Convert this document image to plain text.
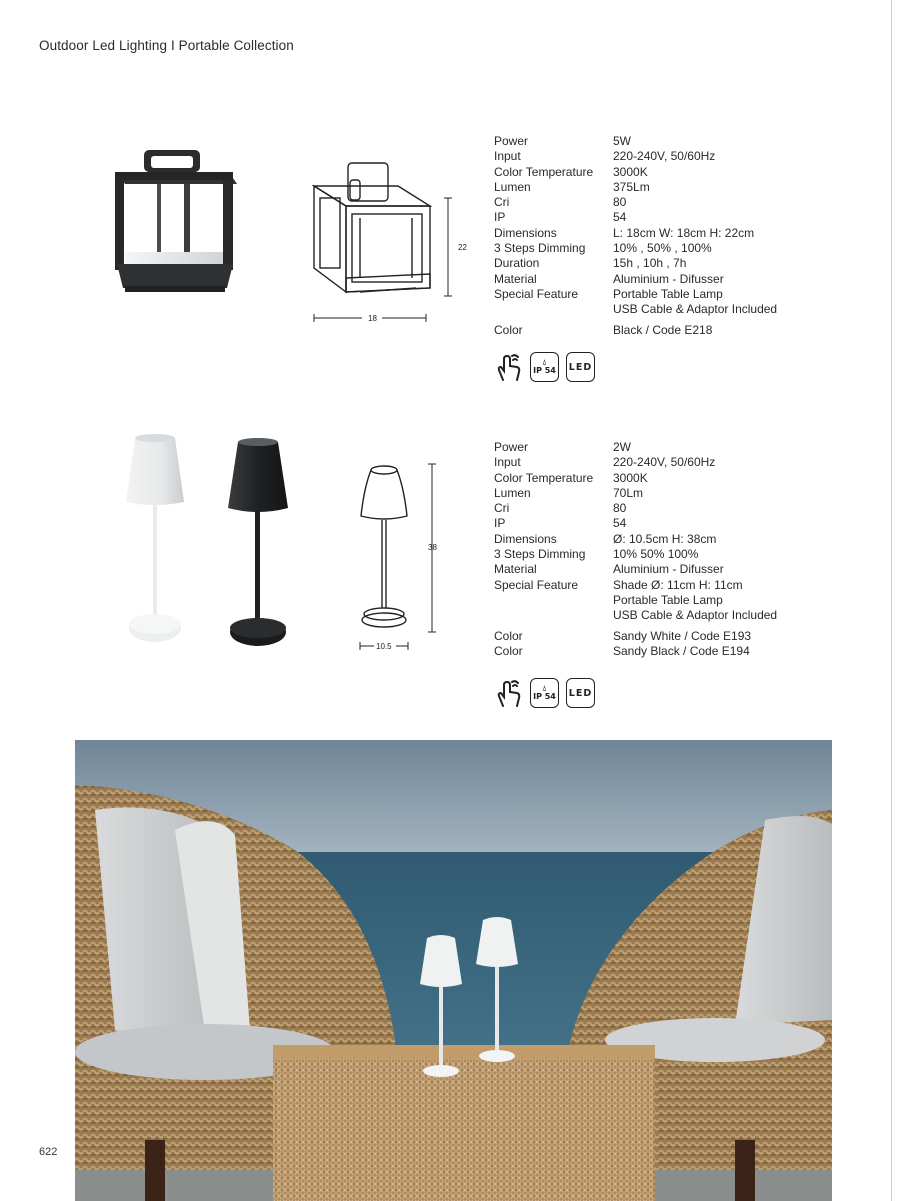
Outdoor Led Lighting I Portable Collection
22
18
Power	5W
Input	220-240V, 50/60Hz
Color Temperature	3000K
Lumen	375Lm
Cri	80
IP	54
Dimensions	L: 18cm W: 18cm H: 22cm
3 Steps Dimming	10% , 50% , 100%
Duration	15h , 10h , 7h
Material	Aluminium - Difusser
Special Feature	Portable Table Lamp
USB Cable & Adaptor Included
Color	Black / Code E218
💧︎
IP 54 LED
38
10.5
Power	2W
Input	220-240V, 50/60Hz
Color Temperature	3000K
Lumen	70Lm
Cri	80
IP	54
Dimensions	Ø: 10.5cm H: 38cm
3 Steps Dimming	10% 50% 100%
Material	Aluminium - Difusser
Special Feature	Shade Ø: 11cm H: 11cm
Portable Table Lamp
USB Cable & Adaptor Included
Color	Sandy White / Code E193
Color	Sandy Black / Code E194
💧︎
IP 54 LED
622
